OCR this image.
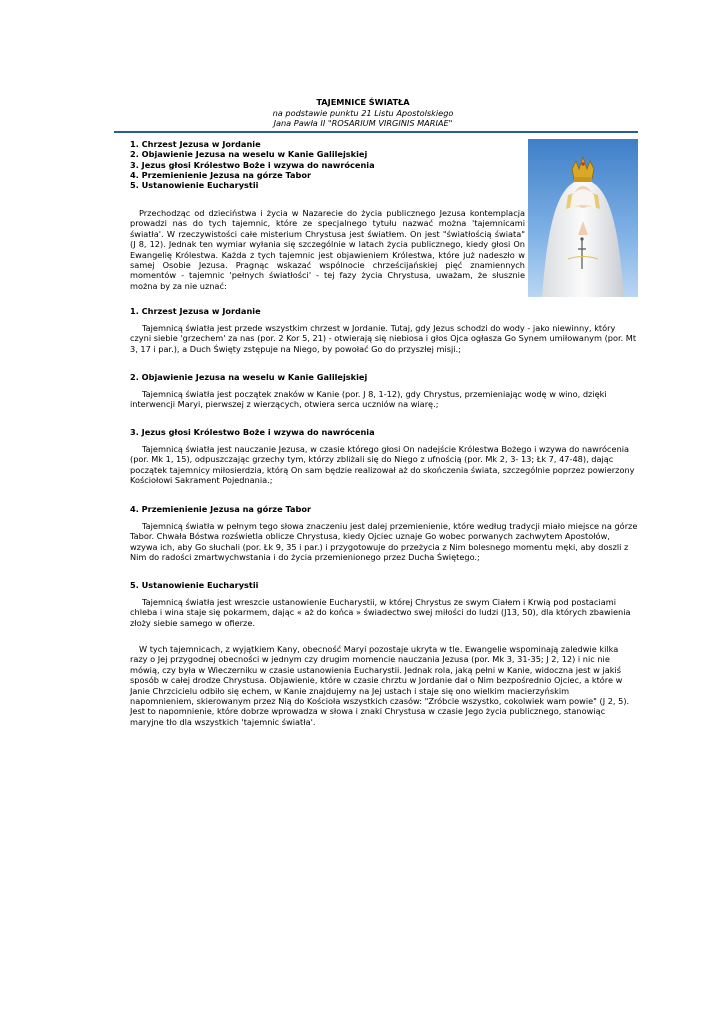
TAJEMNICE ŚWIATŁA
na podstawie punktu 21 Listu Apostolskiego
Jana Pawła II "ROSARIUM VIRGINIS MARIAE"
1. Chrzest Jezusa w Jordanie
2. Objawienie Jezusa na weselu w Kanie Galilejskiej
3. Jezus głosi Królestwo Boże i wzywa do nawrócenia
4. Przemienienie Jezusa na górze Tabor
5. Ustanowienie Eucharystii

Przechodząc od dzieciństwa i życia w Nazarecie do życia publicznego Jezusa kontemplacja prowadzi nas do tych tajemnic, które ze specjalnego tytułu nazwać można 'tajemnicami światła'. W rzeczywistości całe misterium Chrystusa jest światłem. On jest "światłością świata" (J 8, 12). Jednak ten wymiar wyłania się szczególnie w latach życia publicznego, kiedy głosi On Ewangelię Królestwa. Każda z tych tajemnic jest objawieniem Królestwa, które już nadeszło w samej Osobie Jezusa. Pragnąc wskazać wspólnocie chrześcijańskiej pięć znamiennych momentów - tajemnic 'pełnych światłości' - tej fazy życia Chrystusa, uważam, że słusznie można by za nie uznać:

1. Chrzest Jezusa w Jordanie

Tajemnicą światła jest przede wszystkim chrzest w Jordanie. Tutaj, gdy Jezus schodzi do wody - jako niewinny, który czyni siebie 'grzechem' za nas (por. 2 Kor 5, 21) - otwierają się niebiosa i głos Ojca ogłasza Go Synem umiłowanym (por. Mt 3, 17 i par.), a Duch Święty zstępuje na Niego, by powołać Go do przyszłej misji.;

2. Objawienie Jezusa na weselu w Kanie Galilejskiej

Tajemnicą światła jest początek znaków w Kanie (por. J 8, 1-12), gdy Chrystus, przemieniając wodę w wino, dzięki interwencji Maryi, pierwszej z wierzących, otwiera serca uczniów na wiarę.;

3. Jezus głosi Królestwo Boże i wzywa do nawrócenia

Tajemnicą światła jest nauczanie Jezusa, w czasie którego głosi On nadejście Królestwa Bożego i wzywa do nawrócenia (por. Mk 1, 15), odpuszczając grzechy tym, którzy zbliżali się do Niego z ufnością (por. Mk 2, 3- 13; Łk 7, 47-48), dając początek tajemnicy miłosierdzia, którą On sam będzie realizował aż do skończenia świata, szczególnie poprzez powierzony Kościołowi Sakrament Pojednania.;

4. Przemienienie Jezusa na górze Tabor

Tajemnicą światła w pełnym tego słowa znaczeniu jest dalej przemienienie, które według tradycji miało miejsce na górze Tabor. Chwała Bóstwa rozświetla oblicze Chrystusa, kiedy Ojciec uznaje Go wobec porwanych zachwytem Apostołów, wzywa ich, aby Go słuchali (por. Łk 9, 35 i par.) i przygotowuje do przeżycia z Nim bolesnego momentu męki, aby doszli z Nim do radości zmartwychwstania i do życia przemienionego przez Ducha Świętego.;

5. Ustanowienie Eucharystii

Tajemnicą światła jest wreszcie ustanowienie Eucharystii, w której Chrystus ze swym Ciałem i Krwią pod postaciami chleba i wina staje się pokarmem, dając « aż do końca » świadectwo swej miłości do ludzi (J13, 50), dla których zbawienia złoży siebie samego w ofierze.

W tych tajemnicach, z wyjątkiem Kany, obecność Maryi pozostaje ukryta w tle. Ewangelie wspominają zaledwie kilka razy o Jej przygodnej obecności w jednym czy drugim momencie nauczania Jezusa (por. Mk 3, 31-35; J 2, 12) i nic nie mówią, czy była w Wieczerniku w czasie ustanowienia Eucharystii. Jednak rola, jaką pełni w Kanie, widoczna jest w jakiś sposób w całej drodze Chrystusa. Objawienie, które w czasie chrztu w Jordanie dał o Nim bezpośrednio Ojciec, a które w Janie Chrzcicielu odbiło się echem, w Kanie znajdujemy na Jej ustach i staje się ono wielkim macierzyńskim napomnieniem, skierowanym przez Nią do Kościoła wszystkich czasów: "Zróbcie wszystko, cokolwiek wam powie" (J 2, 5). Jest to napomnienie, które dobrze wprowadza w słowa i znaki Chrystusa w czasie Jego życia publicznego, stanowiąc maryjne tło dla wszystkich 'tajemnic światła'.
